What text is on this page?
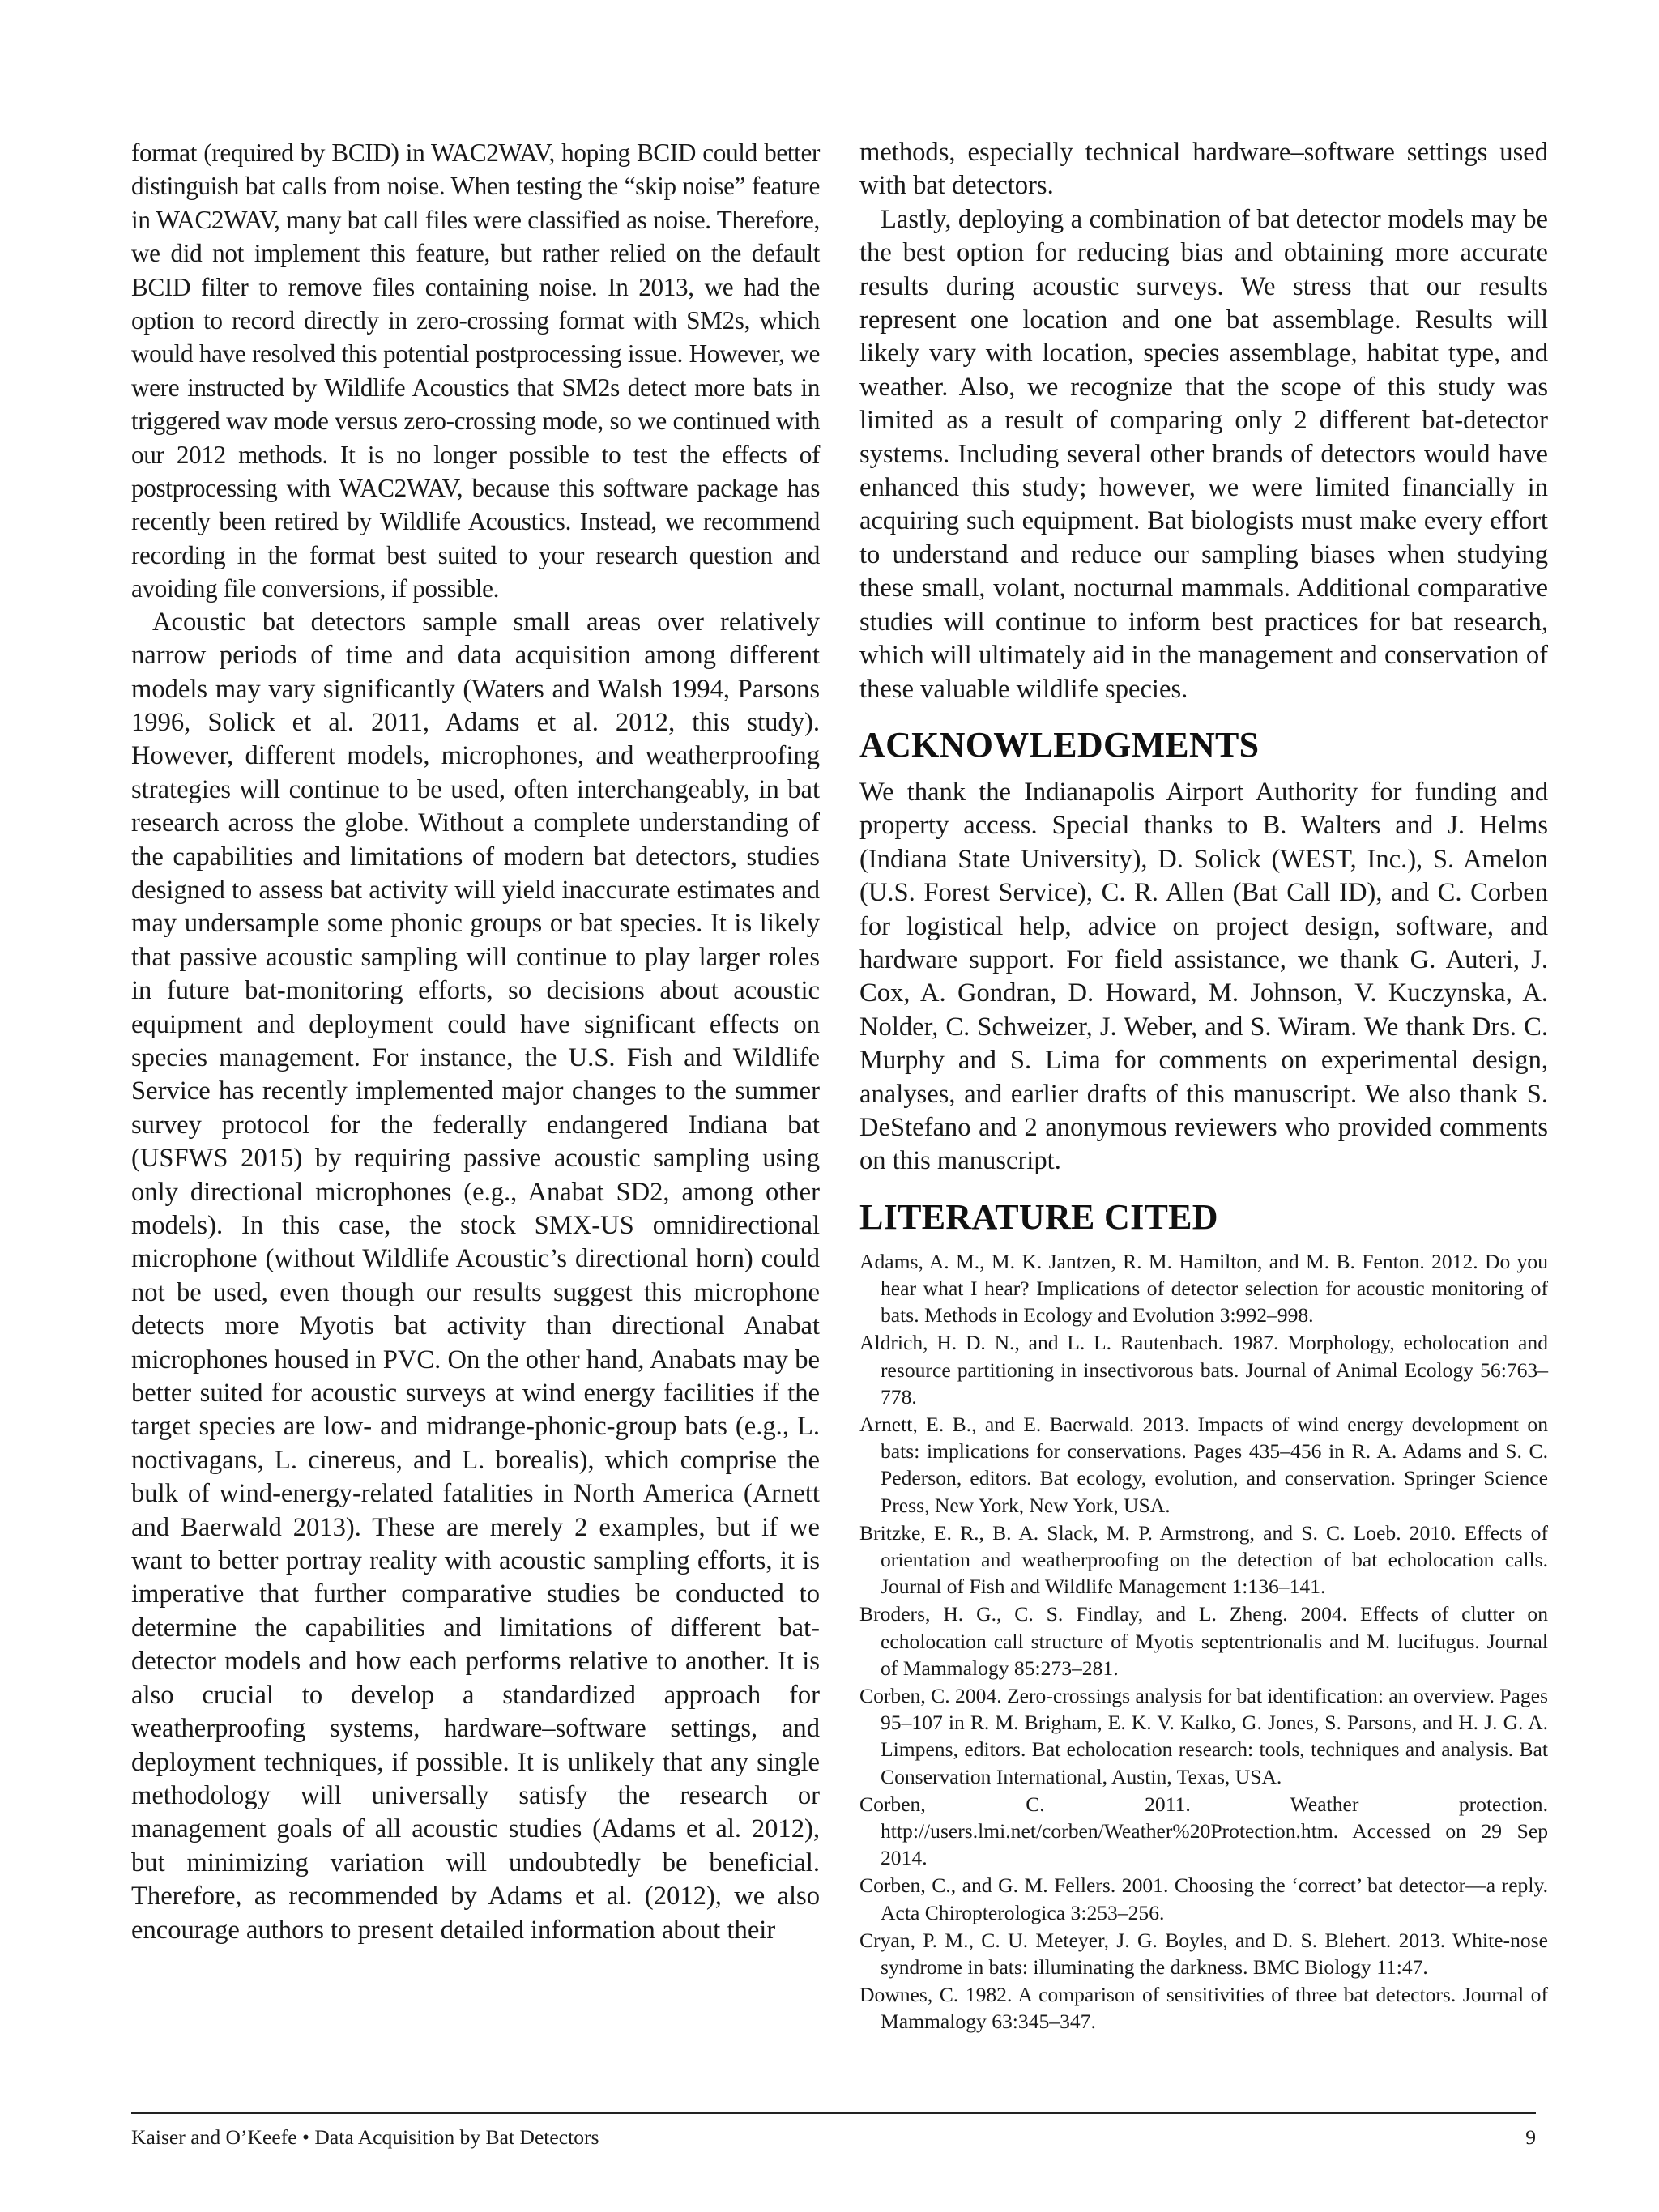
format (required by BCID) in WAC2WAV, hoping BCID could better distinguish bat calls from noise. When testing the “skip noise” feature in WAC2WAV, many bat call files were classified as noise. Therefore, we did not implement this feature, but rather relied on the default BCID filter to remove files containing noise. In 2013, we had the option to record directly in zero-crossing format with SM2s, which would have resolved this potential postprocessing issue. However, we were instructed by Wildlife Acoustics that SM2s detect more bats in triggered wav mode versus zero-crossing mode, so we continued with our 2012 methods. It is no longer possible to test the effects of postprocessing with WAC2WAV, because this software package has recently been retired by Wildlife Acoustics. Instead, we recommend recording in the format best suited to your research question and avoiding file conversions, if possible.

Acoustic bat detectors sample small areas over relatively narrow periods of time and data acquisition among different models may vary significantly (Waters and Walsh 1994, Parsons 1996, Solick et al. 2011, Adams et al. 2012, this study). However, different models, microphones, and weatherproofing strategies will continue to be used, often interchangeably, in bat research across the globe. Without a complete understanding of the capabilities and limitations of modern bat detectors, studies designed to assess bat activity will yield inaccurate estimates and may undersample some phonic groups or bat species. It is likely that passive acoustic sampling will continue to play larger roles in future bat-monitoring efforts, so decisions about acoustic equipment and deployment could have significant effects on species management. For instance, the U.S. Fish and Wildlife Service has recently implemented major changes to the summer survey protocol for the federally endangered Indiana bat (USFWS 2015) by requiring passive acoustic sampling using only directional microphones (e.g., Anabat SD2, among other models). In this case, the stock SMX-US omnidirectional microphone (without Wildlife Acoustic’s directional horn) could not be used, even though our results suggest this microphone detects more Myotis bat activity than directional Anabat microphones housed in PVC. On the other hand, Anabats may be better suited for acoustic surveys at wind energy facilities if the target species are low- and midrange-phonic-group bats (e.g., L. noctivagans, L. cinereus, and L. borealis), which comprise the bulk of wind-energy-related fatalities in North America (Arnett and Baerwald 2013). These are merely 2 examples, but if we want to better portray reality with acoustic sampling efforts, it is imperative that further comparative studies be conducted to determine the capabilities and limitations of different bat-detector models and how each performs relative to another. It is also crucial to develop a standardized approach for weatherproofing systems, hardware–software settings, and deployment techniques, if possible. It is unlikely that any single methodology will universally satisfy the research or management goals of all acoustic studies (Adams et al. 2012), but minimizing variation will undoubtedly be beneficial. Therefore, as recommended by Adams et al. (2012), we also encourage authors to present detailed information about their

methods, especially technical hardware–software settings used with bat detectors.

Lastly, deploying a combination of bat detector models may be the best option for reducing bias and obtaining more accurate results during acoustic surveys. We stress that our results represent one location and one bat assemblage. Results will likely vary with location, species assemblage, habitat type, and weather. Also, we recognize that the scope of this study was limited as a result of comparing only 2 different bat-detector systems. Including several other brands of detectors would have enhanced this study; however, we were limited financially in acquiring such equipment. Bat biologists must make every effort to understand and reduce our sampling biases when studying these small, volant, nocturnal mammals. Additional comparative studies will continue to inform best practices for bat research, which will ultimately aid in the management and conservation of these valuable wildlife species.

ACKNOWLEDGMENTS

We thank the Indianapolis Airport Authority for funding and property access. Special thanks to B. Walters and J. Helms (Indiana State University), D. Solick (WEST, Inc.), S. Amelon (U.S. Forest Service), C. R. Allen (Bat Call ID), and C. Corben for logistical help, advice on project design, software, and hardware support. For field assistance, we thank G. Auteri, J. Cox, A. Gondran, D. Howard, M. Johnson, V. Kuczynska, A. Nolder, C. Schweizer, J. Weber, and S. Wiram. We thank Drs. C. Murphy and S. Lima for comments on experimental design, analyses, and earlier drafts of this manuscript. We also thank S. DeStefano and 2 anonymous reviewers who provided comments on this manuscript.

LITERATURE CITED
Adams, A. M., M. K. Jantzen, R. M. Hamilton, and M. B. Fenton. 2012. Do you hear what I hear? Implications of detector selection for acoustic monitoring of bats. Methods in Ecology and Evolution 3:992–998.
Aldrich, H. D. N., and L. L. Rautenbach. 1987. Morphology, echolocation and resource partitioning in insectivorous bats. Journal of Animal Ecology 56:763–778.
Arnett, E. B., and E. Baerwald. 2013. Impacts of wind energy development on bats: implications for conservations. Pages 435–456 in R. A. Adams and S. C. Pederson, editors. Bat ecology, evolution, and conservation. Springer Science Press, New York, New York, USA.
Britzke, E. R., B. A. Slack, M. P. Armstrong, and S. C. Loeb. 2010. Effects of orientation and weatherproofing on the detection of bat echolocation calls. Journal of Fish and Wildlife Management 1:136–141.
Broders, H. G., C. S. Findlay, and L. Zheng. 2004. Effects of clutter on echolocation call structure of Myotis septentrionalis and M. lucifugus. Journal of Mammalogy 85:273–281.
Corben, C. 2004. Zero-crossings analysis for bat identification: an overview. Pages 95–107 in R. M. Brigham, E. K. V. Kalko, G. Jones, S. Parsons, and H. J. G. A. Limpens, editors. Bat echolocation research: tools, techniques and analysis. Bat Conservation International, Austin, Texas, USA.
Corben, C. 2011. Weather protection. http://users.lmi.net/corben/Weather%20Protection.htm. Accessed on 29 Sep 2014.
Corben, C., and G. M. Fellers. 2001. Choosing the ‘correct’ bat detector—a reply. Acta Chiropterologica 3:253–256.
Cryan, P. M., C. U. Meteyer, J. G. Boyles, and D. S. Blehert. 2013. White-nose syndrome in bats: illuminating the darkness. BMC Biology 11:47.
Downes, C. 1982. A comparison of sensitivities of three bat detectors. Journal of Mammalogy 63:345–347.
Kaiser and O’Keefe • Data Acquisition by Bat Detectors	9
